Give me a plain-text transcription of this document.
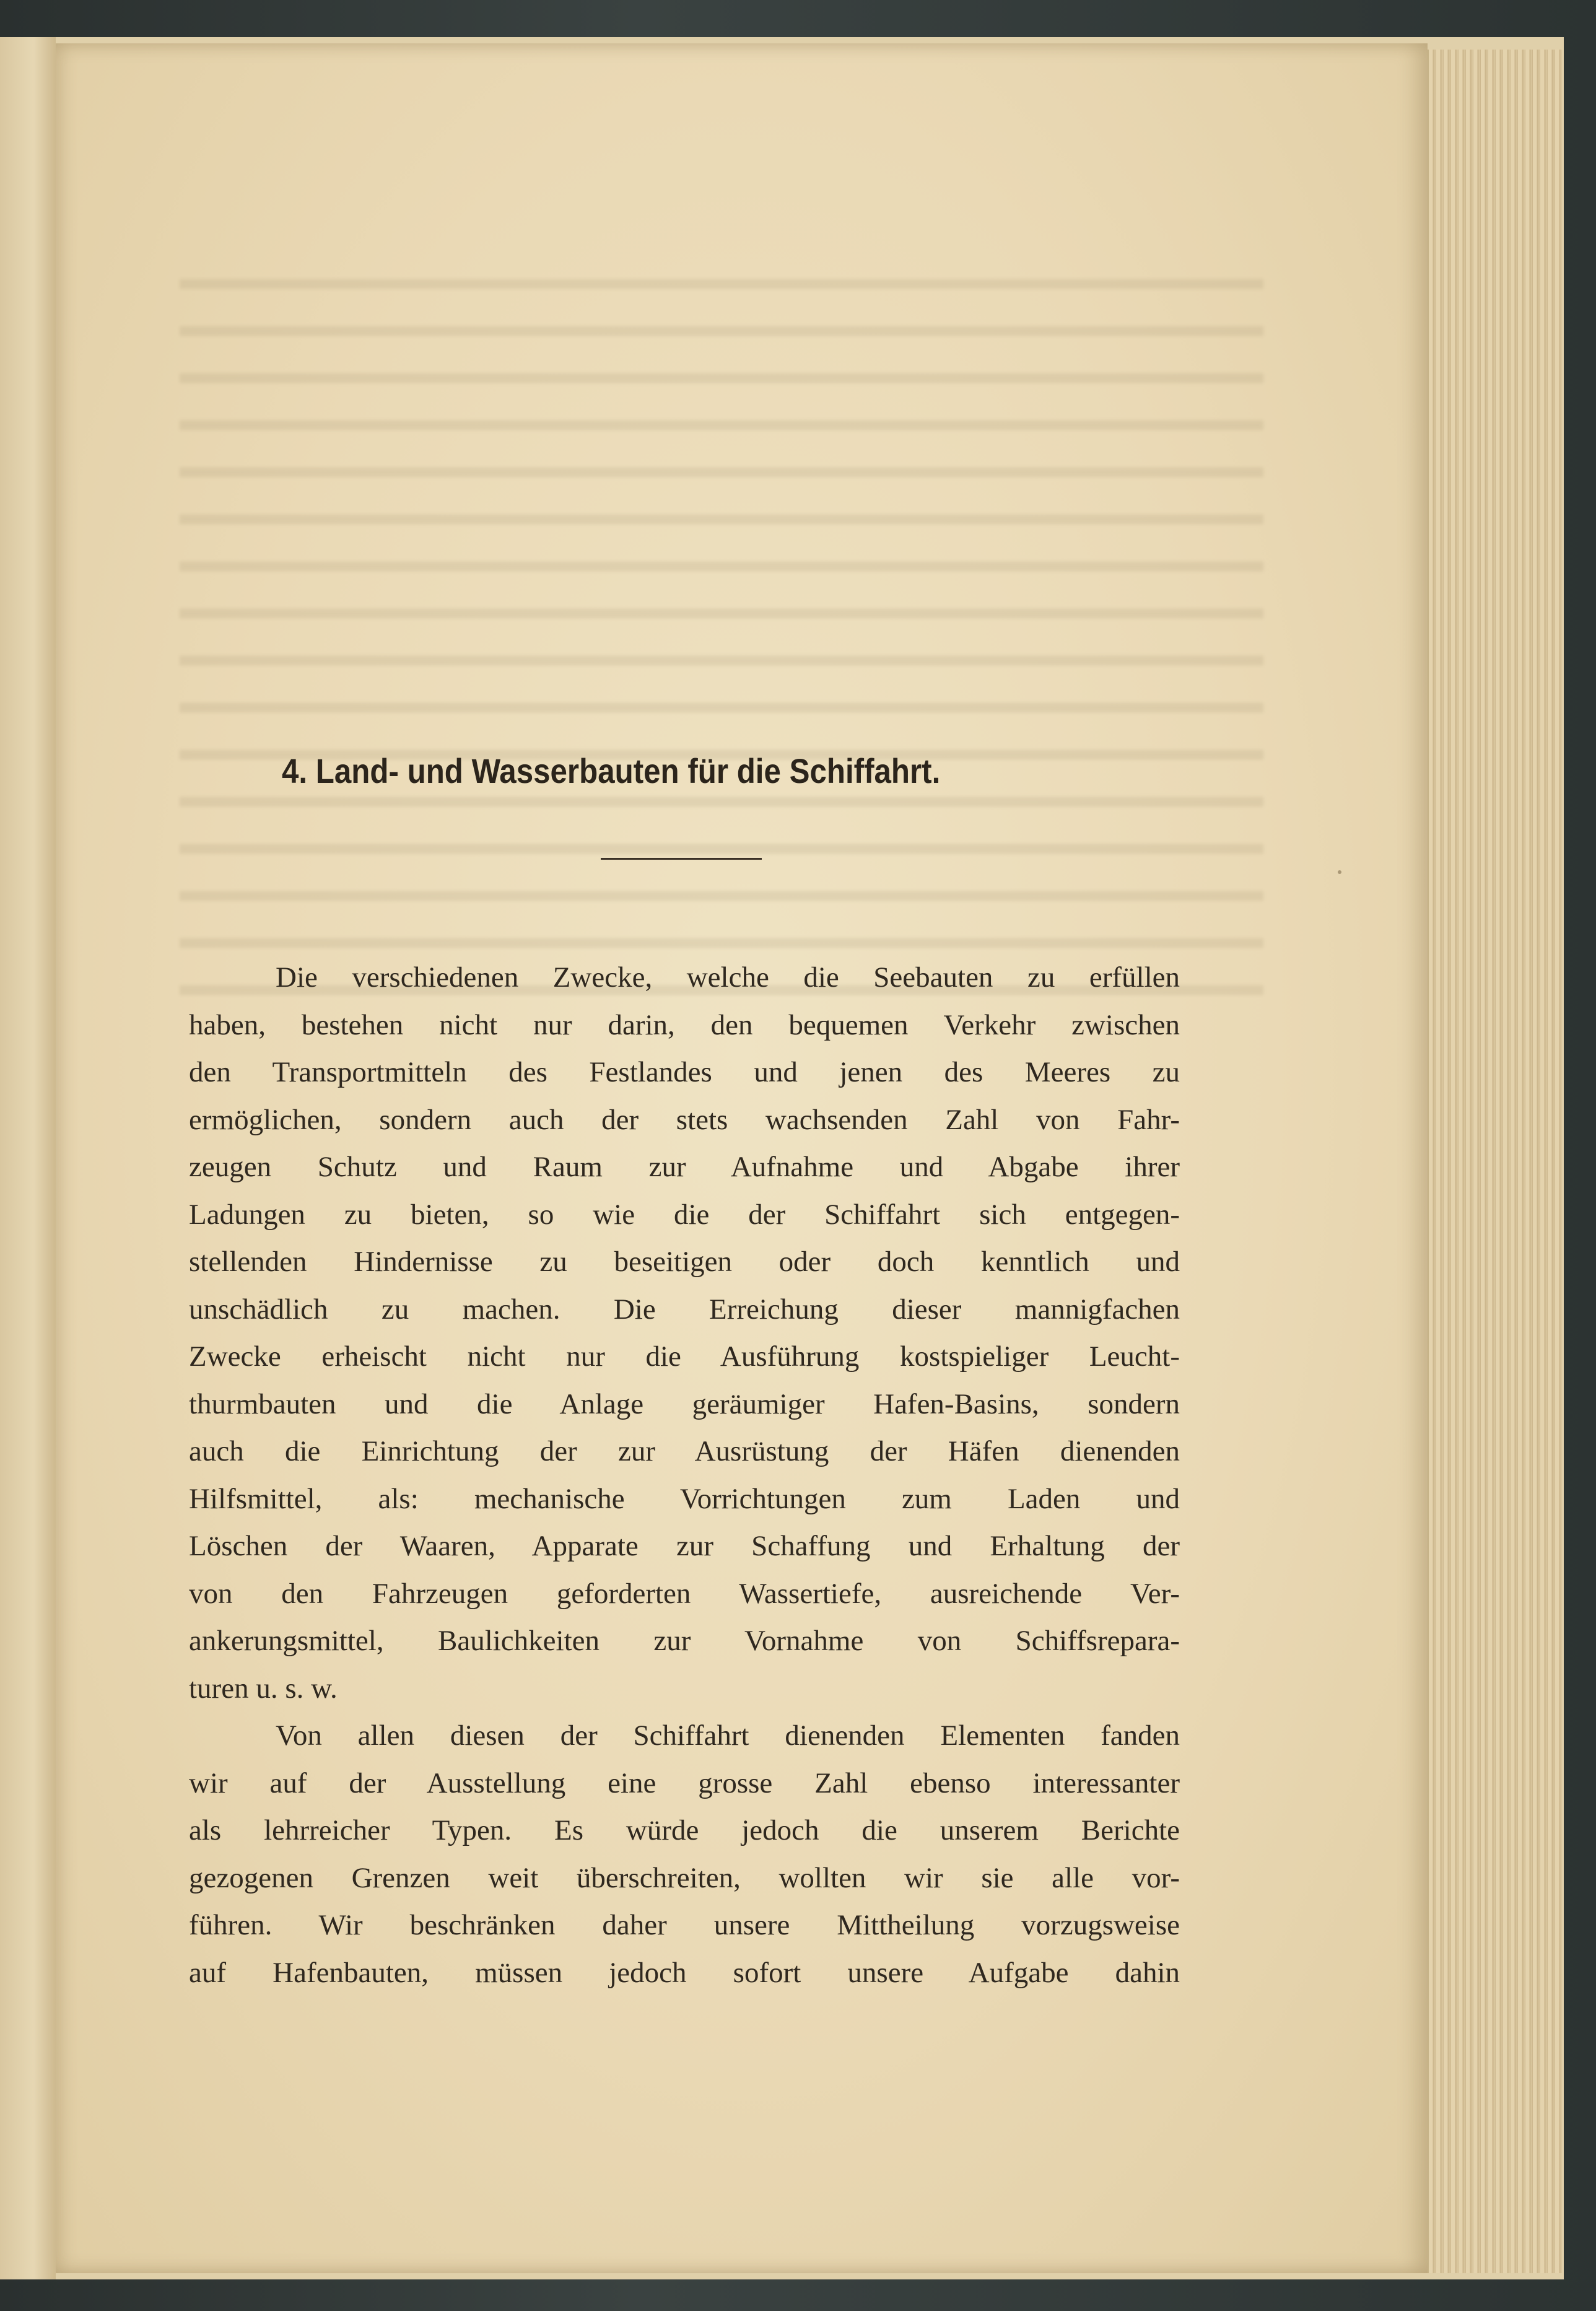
4. Land- und Wasserbauten für die Schiffahrt.
Die verschiedenen Zwecke, welche die Seebauten zu erfüllen
haben, bestehen nicht nur darin, den bequemen Verkehr zwischen
den Transportmitteln des Festlandes und jenen des Meeres zu
ermöglichen, sondern auch der stets wachsenden Zahl von Fahr-
zeugen Schutz und Raum zur Aufnahme und Abgabe ihrer
Ladungen zu bieten, so wie die der Schiffahrt sich entgegen-
stellenden Hindernisse zu beseitigen oder doch kenntlich und
unschädlich zu machen. Die Erreichung dieser mannigfachen
Zwecke erheischt nicht nur die Ausführung kostspieliger Leucht-
thurmbauten und die Anlage geräumiger Hafen-Basins, sondern
auch die Einrichtung der zur Ausrüstung der Häfen dienenden
Hilfsmittel, als: mechanische Vorrichtungen zum Laden und
Löschen der Waaren, Apparate zur Schaffung und Erhaltung der
von den Fahrzeugen geforderten Wassertiefe, ausreichende Ver-
ankerungsmittel, Baulichkeiten zur Vornahme von Schiffsrepara-
turen u. s. w.
Von allen diesen der Schiffahrt dienenden Elementen fanden
wir auf der Ausstellung eine grosse Zahl ebenso interessanter
als lehrreicher Typen. Es würde jedoch die unserem Berichte
gezogenen Grenzen weit überschreiten, wollten wir sie alle vor-
führen. Wir beschränken daher unsere Mittheilung vorzugsweise
auf Hafenbauten, müssen jedoch sofort unsere Aufgabe dahin
